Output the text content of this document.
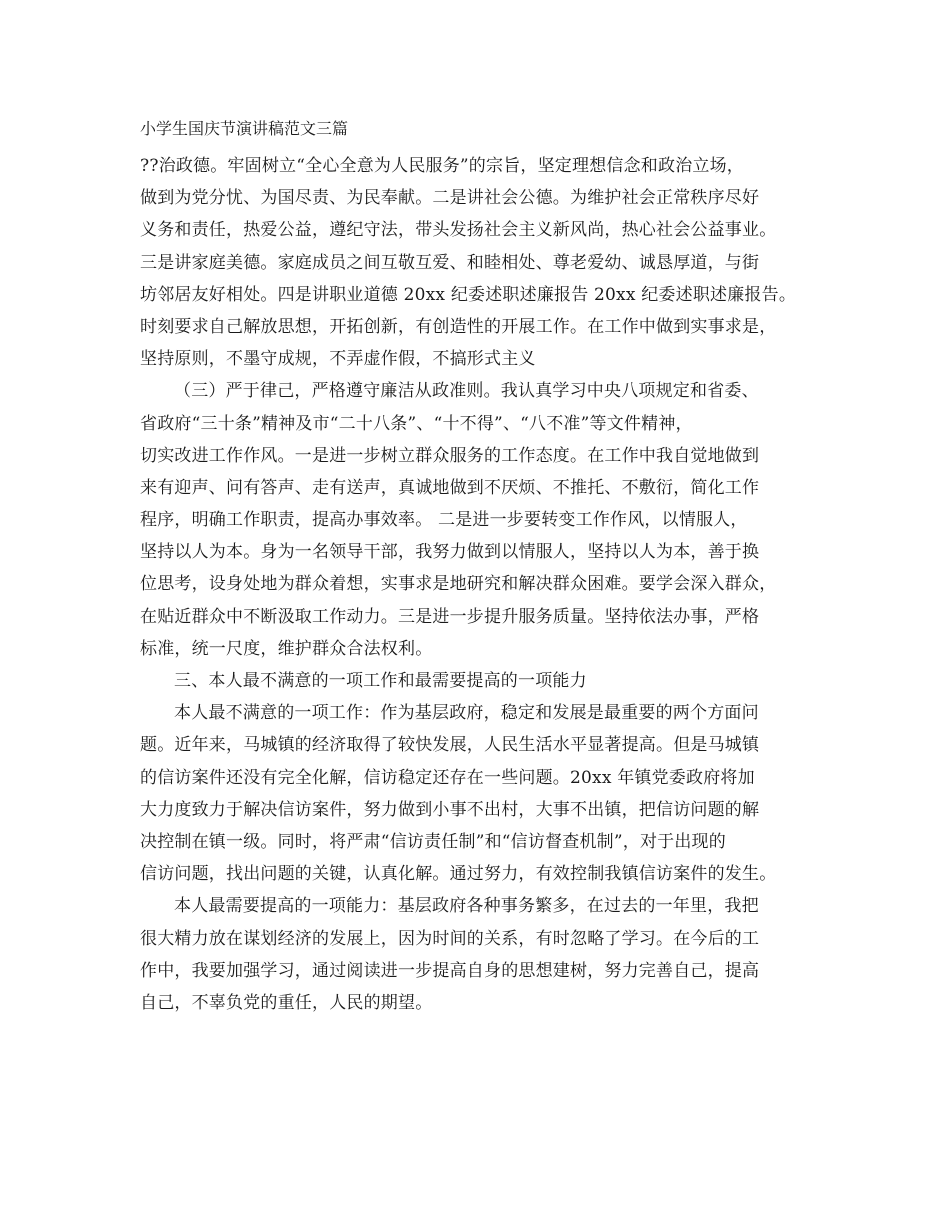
小学生国庆节演讲稿范文三篇
??治政德。牢固树立“全心全意为人民服务”的宗旨，坚定理想信念和政治立场，
做到为党分忧、为国尽责、为民奉献。二是讲社会公德。为维护社会正常秩序尽好
义务和责任，热爱公益，遵纪守法，带头发扬社会主义新风尚，热心社会公益事业。
三是讲家庭美德。家庭成员之间互敬互爱、和睦相处、尊老爱幼、诚恳厚道，与街
坊邻居友好相处。四是讲职业道德 20xx 纪委述职述廉报告 20xx 纪委述职述廉报告。
时刻要求自己解放思想，开拓创新，有创造性的开展工作。在工作中做到实事求是，
坚持原则，不墨守成规，不弄虚作假，不搞形式主义
（三）严于律己，严格遵守廉洁从政准则。我认真学习中央八项规定和省委、
省政府“三十条”精神及市“二十八条”、“十不得”、“八不准”等文件精神，
切实改进工作作风。一是进一步树立群众服务的工作态度。在工作中我自觉地做到
来有迎声、问有答声、走有送声，真诚地做到不厌烦、不推托、不敷衍，简化工作
程序，明确工作职责，提高办事效率。 二是进一步要转变工作作风，以情服人，
坚持以人为本。身为一名领导干部，我努力做到以情服人，坚持以人为本，善于换
位思考，设身处地为群众着想，实事求是地研究和解决群众困难。要学会深入群众，
在贴近群众中不断汲取工作动力。三是进一步提升服务质量。坚持依法办事，严格
标准，统一尺度，维护群众合法权利。
三、本人最不满意的一项工作和最需要提高的一项能力
本人最不满意的一项工作：作为基层政府，稳定和发展是最重要的两个方面问
题。近年来，马城镇的经济取得了较快发展，人民生活水平显著提高。但是马城镇
的信访案件还没有完全化解，信访稳定还存在一些问题。20xx 年镇党委政府将加
大力度致力于解决信访案件，努力做到小事不出村，大事不出镇，把信访问题的解
决控制在镇一级。同时，将严肃“信访责任制”和“信访督查机制”，对于出现的
信访问题，找出问题的关键，认真化解。通过努力，有效控制我镇信访案件的发生。
本人最需要提高的一项能力：基层政府各种事务繁多，在过去的一年里，我把
很大精力放在谋划经济的发展上，因为时间的关系，有时忽略了学习。在今后的工
作中，我要加强学习，通过阅读进一步提高自身的思想建树，努力完善自己，提高
自己，不辜负党的重任，人民的期望。
